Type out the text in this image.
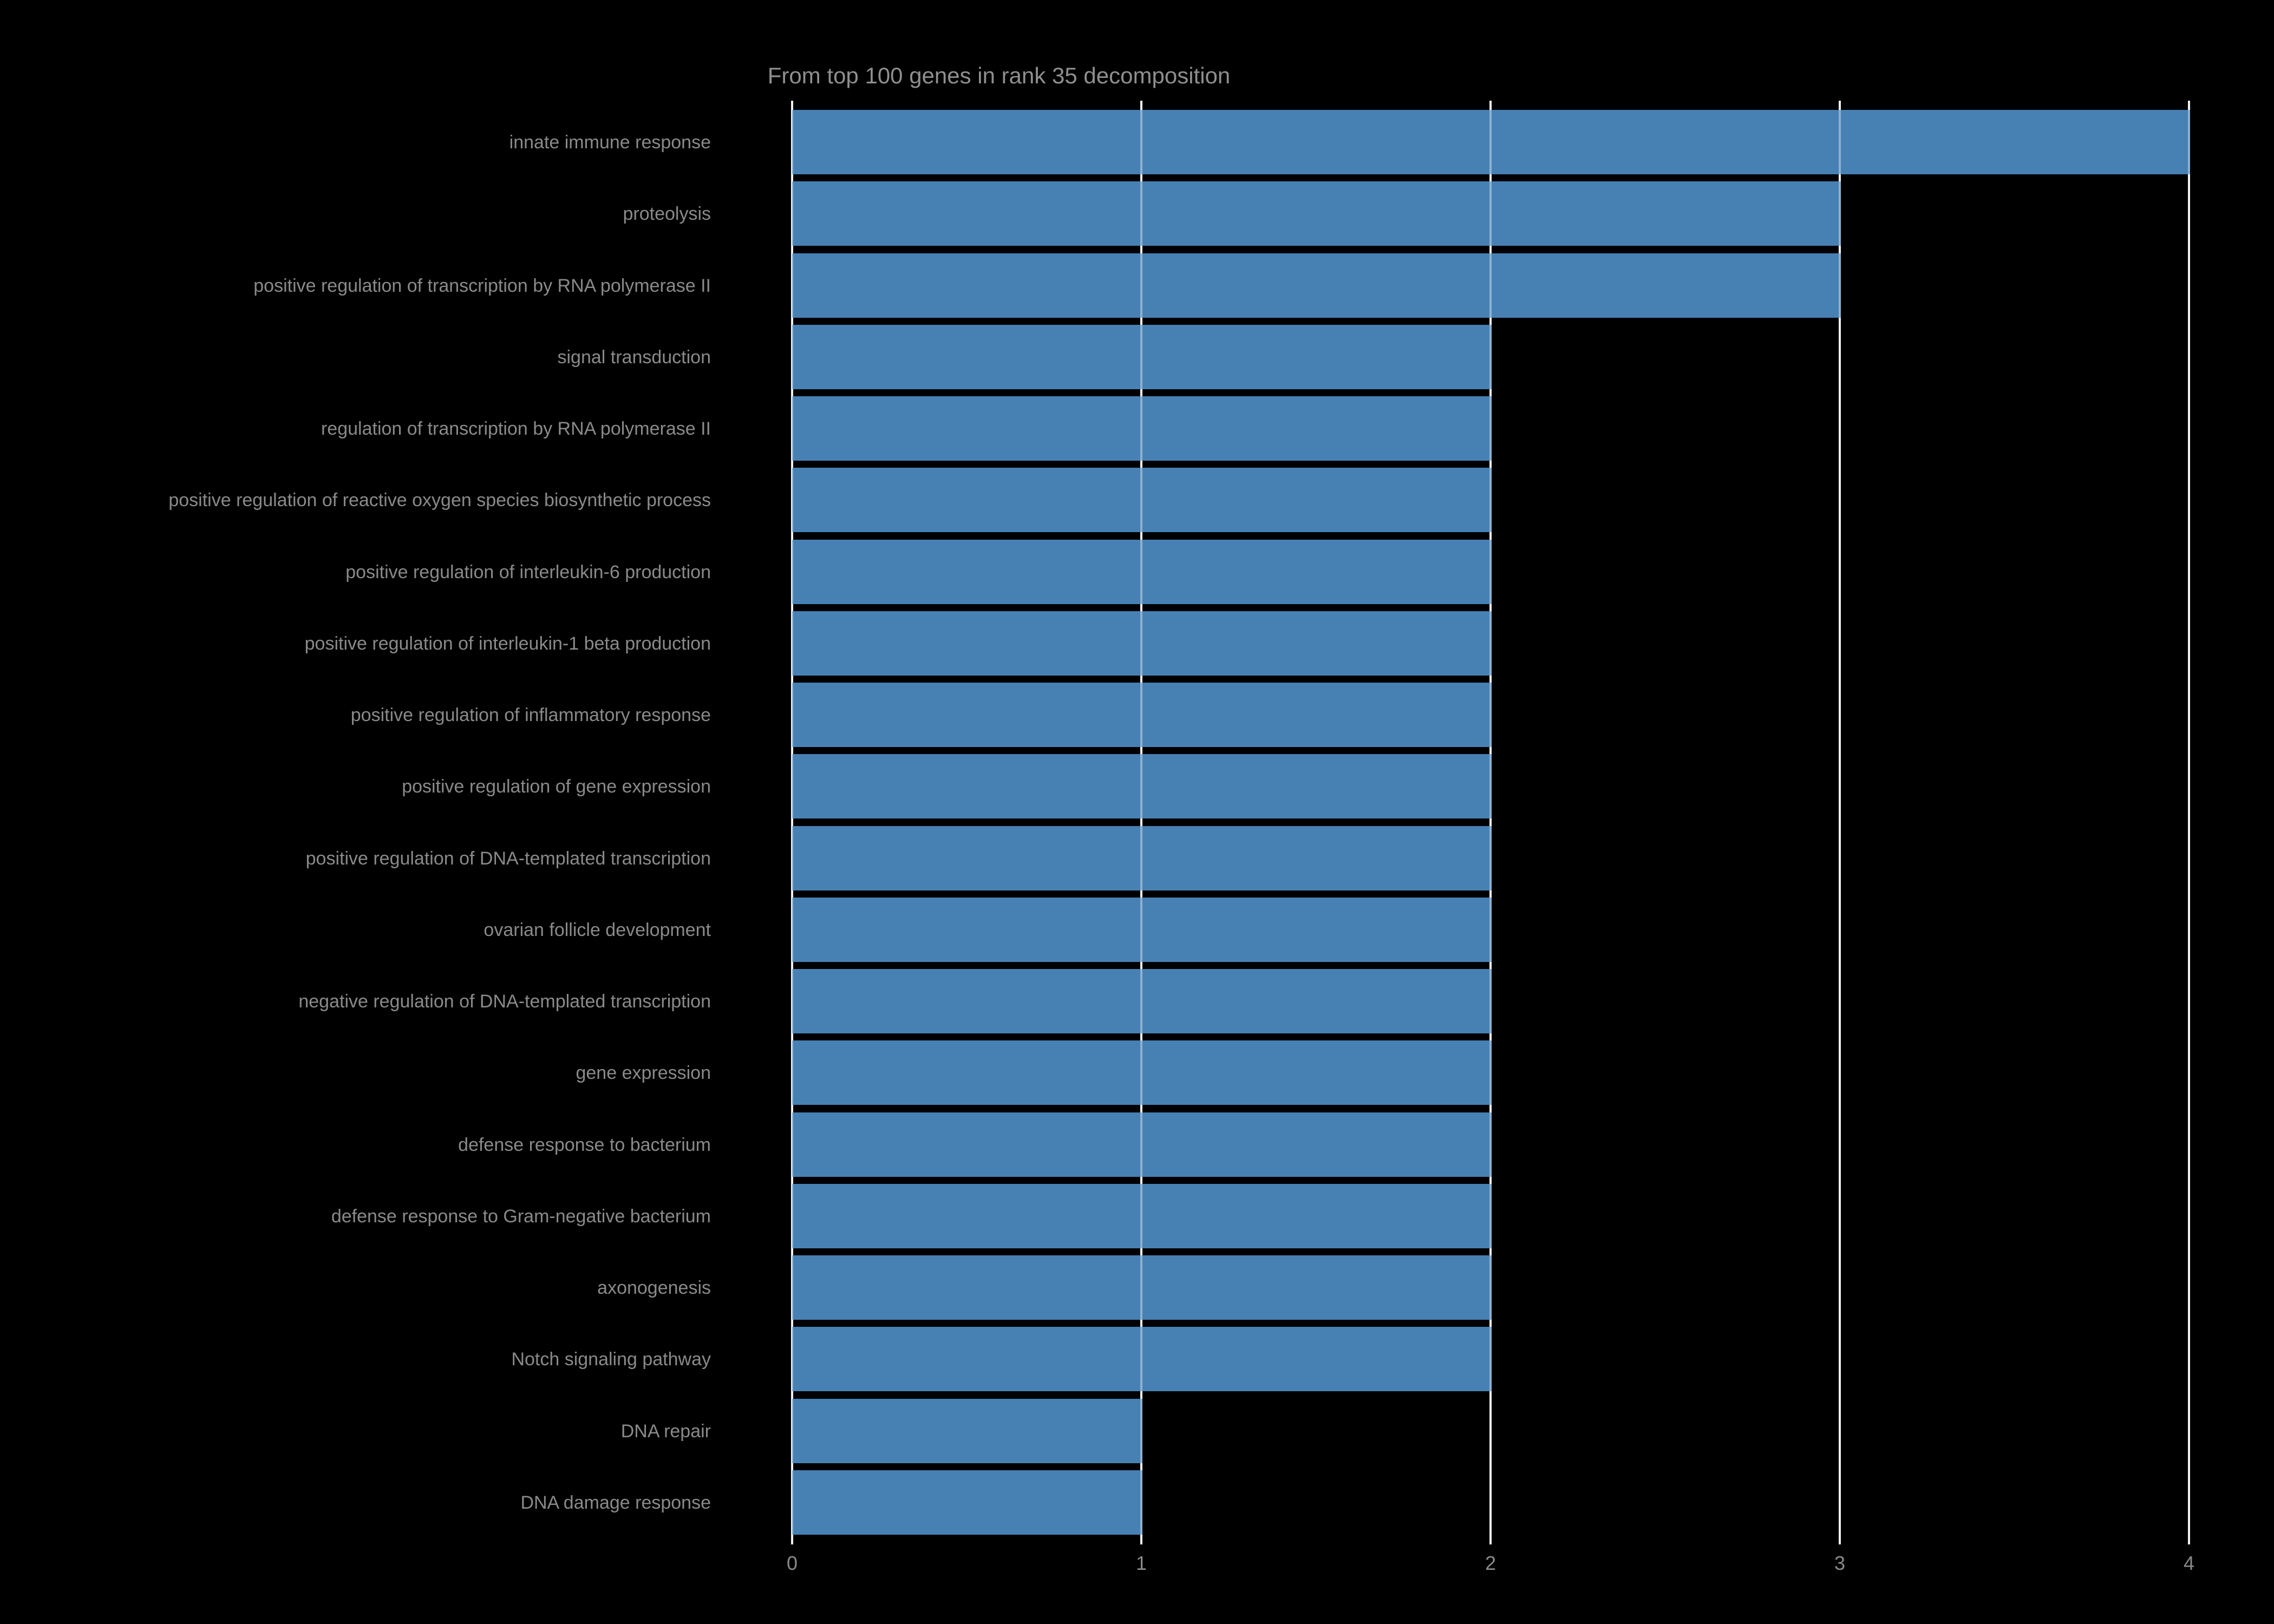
From top 100 genes in rank 35 decomposition
innate immune response
proteolysis
positive regulation of transcription by RNA polymerase II
signal transduction
regulation of transcription by RNA polymerase II
positive regulation of reactive oxygen species biosynthetic process
positive regulation of interleukin-6 production
positive regulation of interleukin-1 beta production
positive regulation of inflammatory response
positive regulation of gene expression
positive regulation of DNA-templated transcription
ovarian follicle development
negative regulation of DNA-templated transcription
gene expression
defense response to bacterium
defense response to Gram-negative bacterium
axonogenesis
Notch signaling pathway
DNA repair
DNA damage response
0	1	2	3	4
